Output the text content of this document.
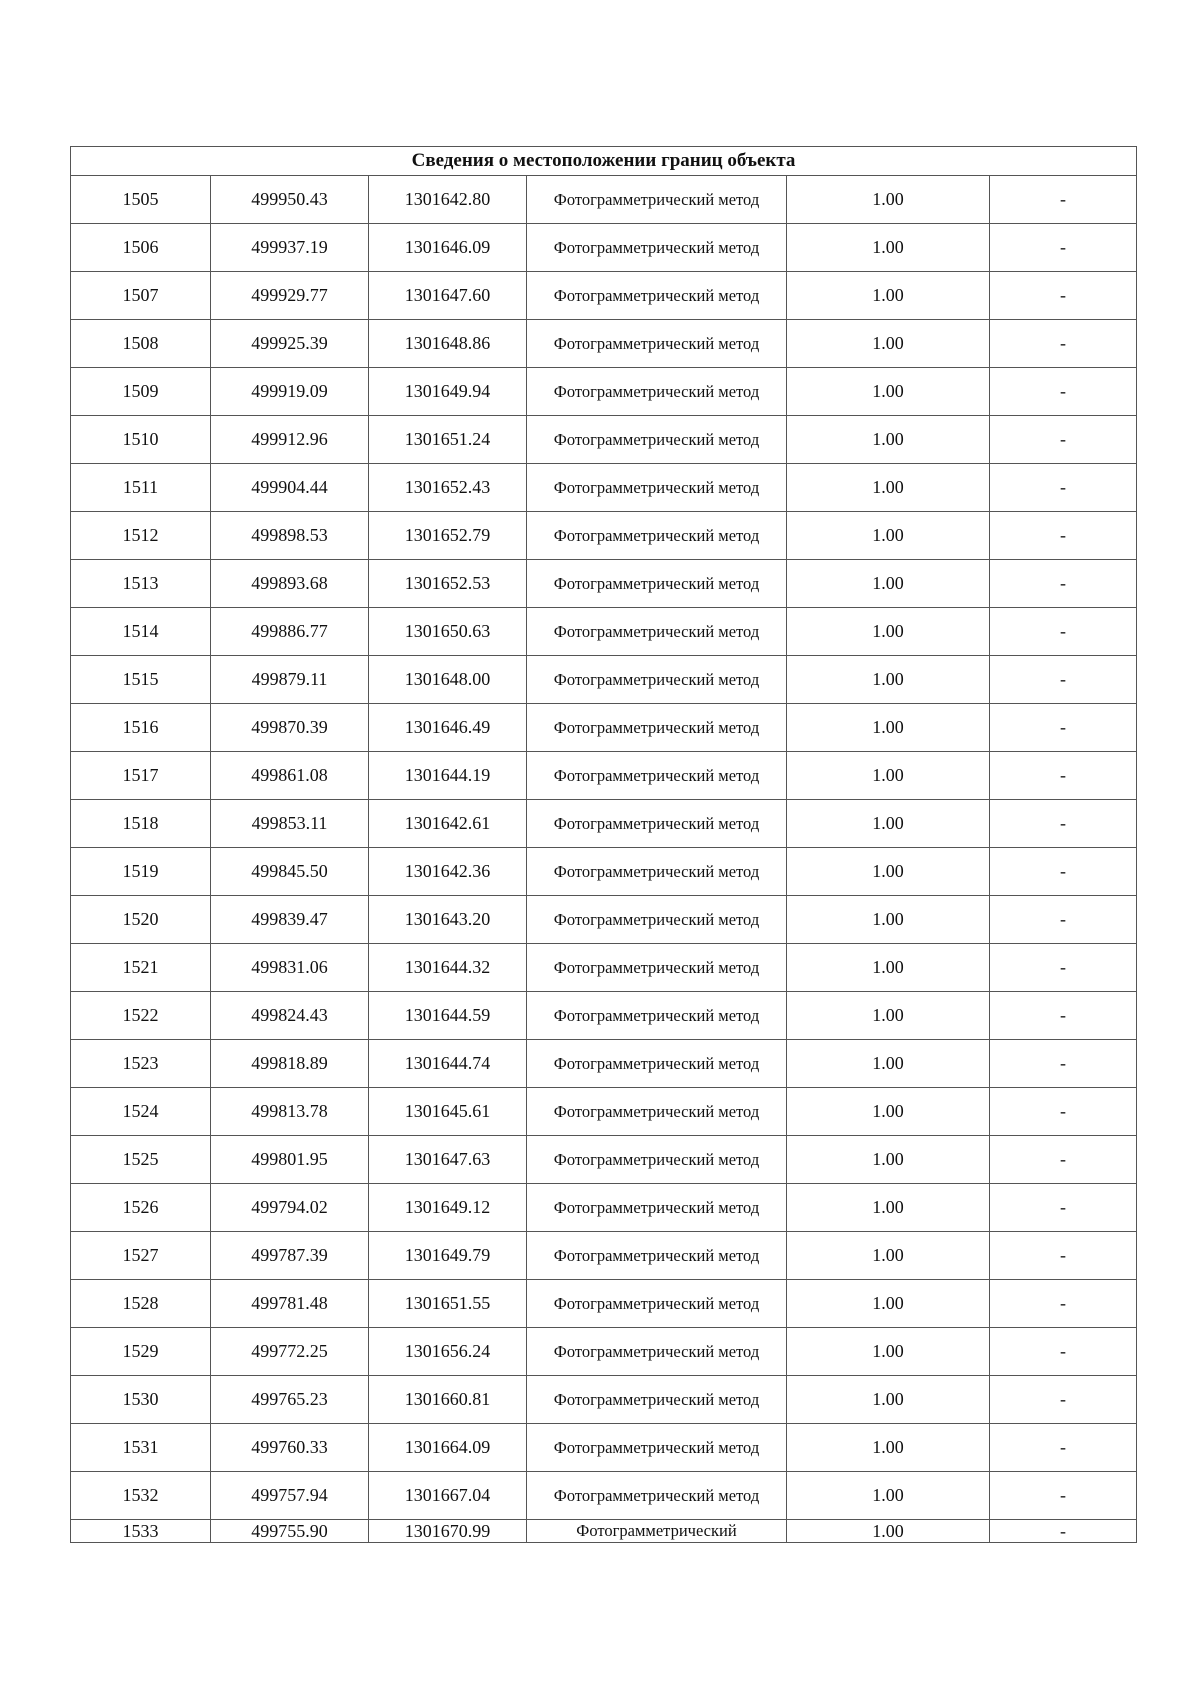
Сведения о местоположении границ объекта					
1505	499950.43	1301642.80	Фотограмметрический метод	1.00	-
1506	499937.19	1301646.09	Фотограмметрический метод	1.00	-
1507	499929.77	1301647.60	Фотограмметрический метод	1.00	-
1508	499925.39	1301648.86	Фотограмметрический метод	1.00	-
1509	499919.09	1301649.94	Фотограмметрический метод	1.00	-
1510	499912.96	1301651.24	Фотограмметрический метод	1.00	-
1511	499904.44	1301652.43	Фотограмметрический метод	1.00	-
1512	499898.53	1301652.79	Фотограмметрический метод	1.00	-
1513	499893.68	1301652.53	Фотограмметрический метод	1.00	-
1514	499886.77	1301650.63	Фотограмметрический метод	1.00	-
1515	499879.11	1301648.00	Фотограмметрический метод	1.00	-
1516	499870.39	1301646.49	Фотограмметрический метод	1.00	-
1517	499861.08	1301644.19	Фотограмметрический метод	1.00	-
1518	499853.11	1301642.61	Фотограмметрический метод	1.00	-
1519	499845.50	1301642.36	Фотограмметрический метод	1.00	-
1520	499839.47	1301643.20	Фотограмметрический метод	1.00	-
1521	499831.06	1301644.32	Фотограмметрический метод	1.00	-
1522	499824.43	1301644.59	Фотограмметрический метод	1.00	-
1523	499818.89	1301644.74	Фотограмметрический метод	1.00	-
1524	499813.78	1301645.61	Фотограмметрический метод	1.00	-
1525	499801.95	1301647.63	Фотограмметрический метод	1.00	-
1526	499794.02	1301649.12	Фотограмметрический метод	1.00	-
1527	499787.39	1301649.79	Фотограмметрический метод	1.00	-
1528	499781.48	1301651.55	Фотограмметрический метод	1.00	-
1529	499772.25	1301656.24	Фотограмметрический метод	1.00	-
1530	499765.23	1301660.81	Фотограмметрический метод	1.00	-
1531	499760.33	1301664.09	Фотограмметрический метод	1.00	-
1532	499757.94	1301667.04	Фотограмметрический метод	1.00	-
1533	499755.90	1301670.99	Фотограмметрический	1.00	-
